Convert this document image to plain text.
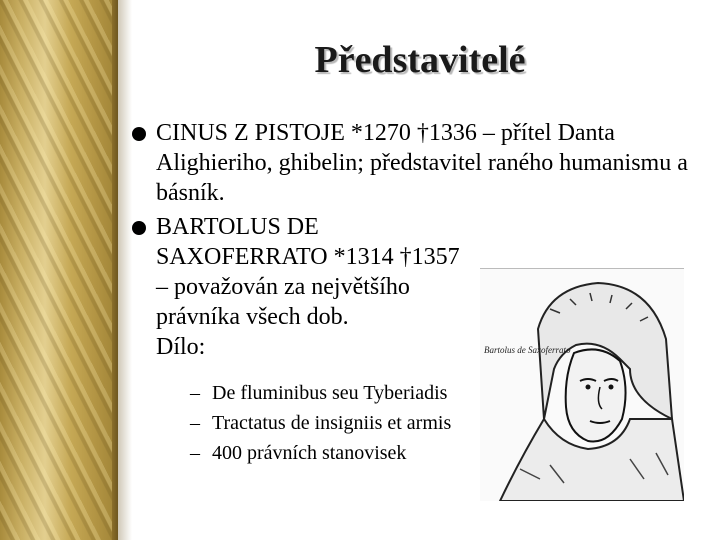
Představitelé
CINUS Z PISTOJE *1270 †1336 – přítel Danta Alighieriho, ghibelin; představitel raného humanismu a básník.
BARTOLUS DE SAXOFERRATO *1314 †1357 – považován za největšího právníka všech dob.
Dílo:
– De fluminibus seu Tyberiadis
– Tractatus de insigniis et armis
– 400 právních stanovisek
Bartolus de Saxoferrato
